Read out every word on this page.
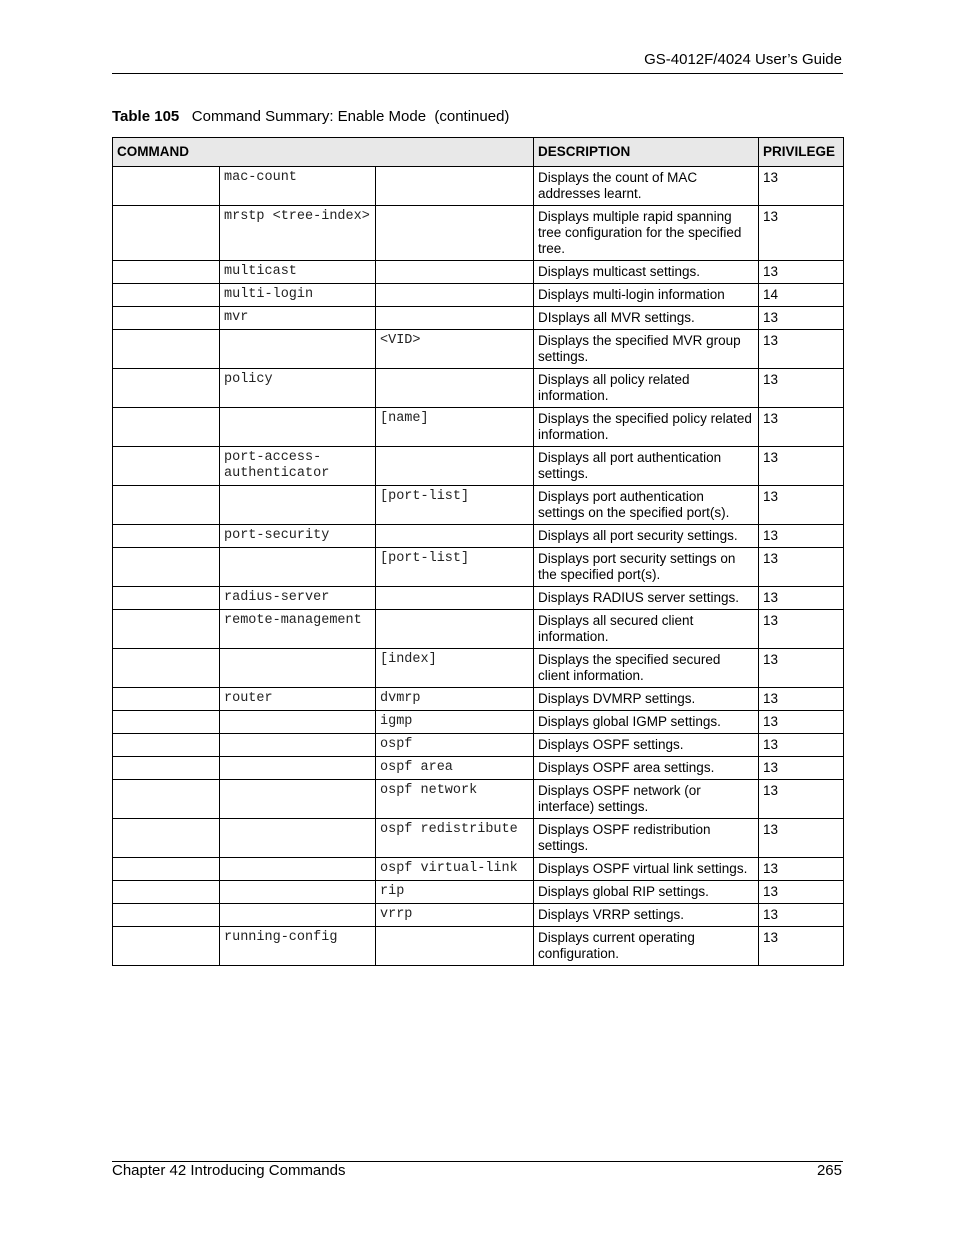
GS-4012F/4024 User’s Guide
Table 105 Command Summary: Enable Mode  (continued)
COMMAND			DESCRIPTION	PRIVILEGE
	mac-count		Displays the count of MAC addresses learnt.	13
	mrstp <tree-index>		Displays multiple rapid spanning tree configuration for the specified tree.	13
	multicast		Displays multicast settings.	13
	multi-login		Displays multi-login information	14
	mvr		DIsplays all MVR settings.	13
		<VID>	Displays the specified MVR group settings.	13
	policy		Displays all policy related information.	13
		[name]	Displays the specified policy related information.	13
	port-access-authenticator		Displays all port authentication settings.	13
		[port-list]	Displays port authentication settings on the specified port(s).	13
	port-security		Displays all port security settings.	13
		[port-list]	Displays port security settings on the specified port(s).	13
	radius-server		Displays RADIUS server settings.	13
	remote-management		Displays all secured client information.	13
		[index]	Displays the specified secured client information.	13
	router	dvmrp	Displays DVMRP settings.	13
		igmp	Displays global IGMP settings.	13
		ospf	Displays OSPF settings.	13
		ospf area	Displays OSPF area settings.	13
		ospf network	Displays OSPF network (or interface) settings.	13
		ospf redistribute	Displays OSPF redistribution settings.	13
		ospf virtual-link	Displays OSPF virtual link settings.	13
		rip	Displays global RIP settings.	13
		vrrp	Displays VRRP settings.	13
	running-config		Displays current operating configuration.	13
Chapter 42 Introducing Commands	265
